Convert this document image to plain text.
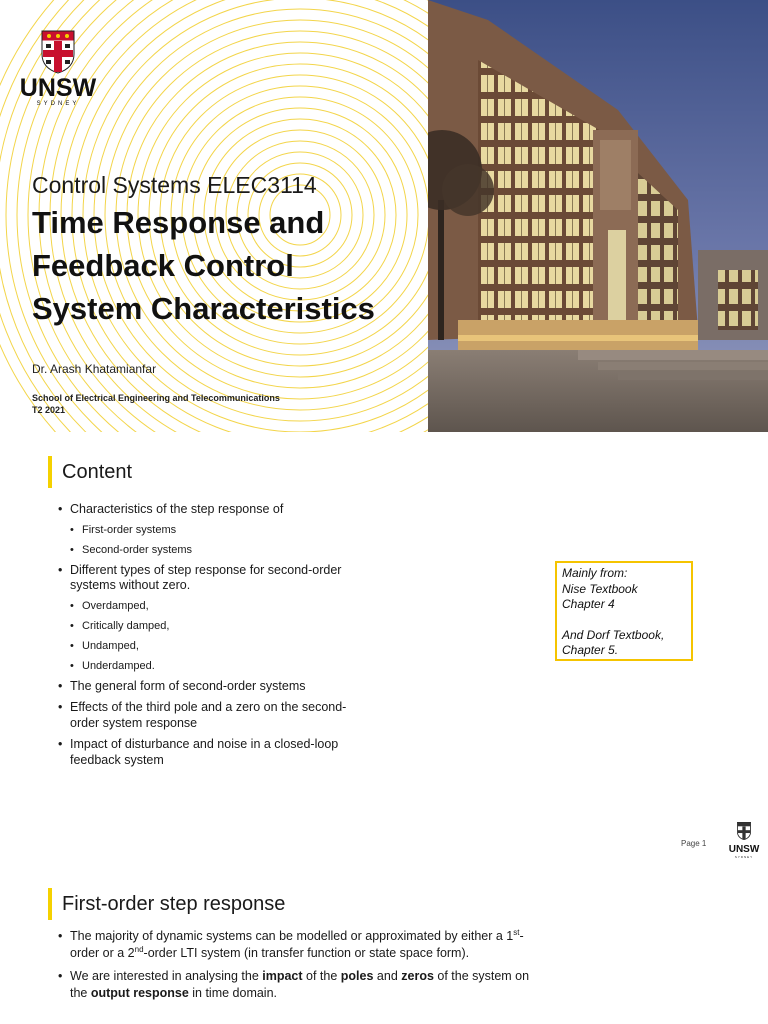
UNSW
SYDNEY
Control Systems ELEC3114
Time Response and
Feedback Control
System Characteristics
Dr. Arash Khatamianfar
School of Electrical Engineering and Telecommunications
T2 2021
Content
• Characteristics of the step response of
• First-order systems
• Second-order systems
• Different types of step response for second-order systems without zero.
• Overdamped,
• Critically damped,
• Undamped,
• Underdamped.
• The general form of second-order systems
• Effects of the third pole and a zero on the second-order system response
• Impact of disturbance and noise in a closed-loop feedback system
Mainly from:
Nise Textbook
Chapter 4
And Dorf Textbook,
Chapter 5.
Page 1
UNSW
SYDNEY
First-order step response
• The majority of dynamic systems can be modelled or approximated by either a 1st-order or a 2nd-order LTI system (in transfer function or state space form).
• We are interested in analysing the impact of the poles and zeros of the system on the output response in time domain.
